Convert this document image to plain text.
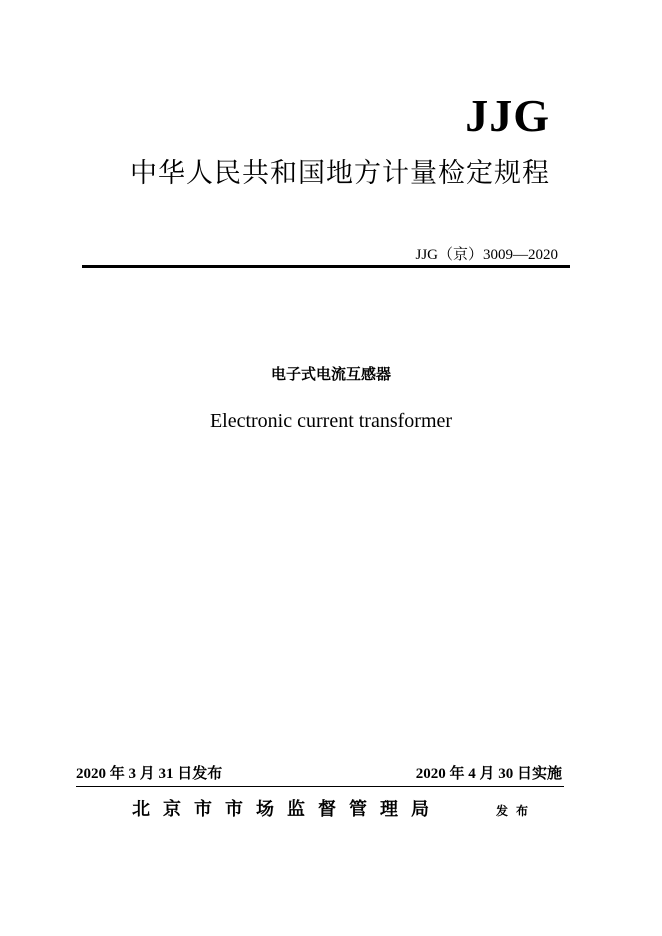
JJG
中华人民共和国地方计量检定规程
JJG（京）3009—2020
电子式电流互感器
Electronic current transformer
2020 年 3 月 31 日发布	2020 年 4 月 30 日实施
北京市市场监督管理局	发布
